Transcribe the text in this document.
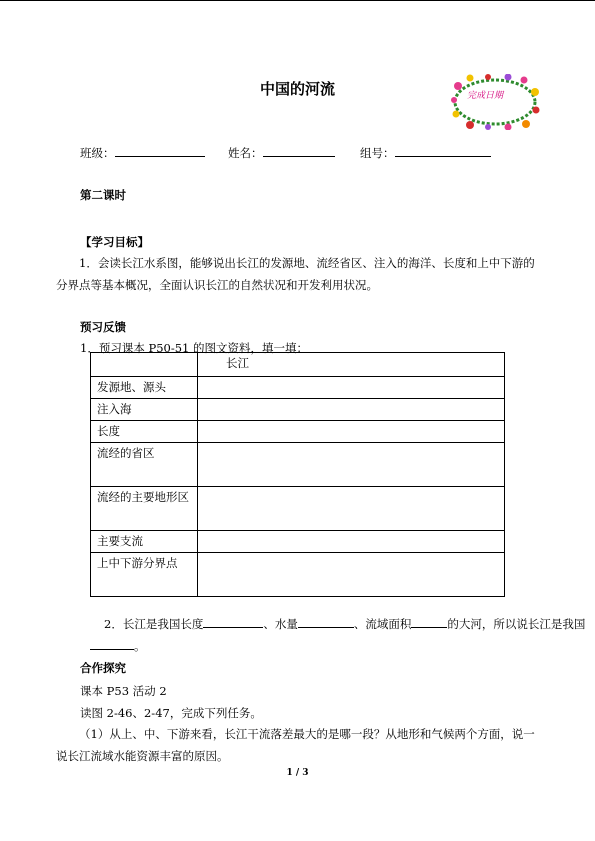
中国的河流	完成日期
班级：	姓名：	组号：
第二课时
【学习目标】
1．会读长江水系图，能够说出长江的发源地、流经省区、注入的海洋、长度和上中下游的分界点等基本概况，全面认识长江的自然状况和开发利用状况。
预习反馈
1．预习课本 P50-51 的图文资料，填一填：
	长江
发源地、源头	
注入海	
长度	
流经的省区	
流经的主要地形区	
主要支流	
上中下游分界点	
2．长江是我国长度	、水量	、流域面积	的大河，所以说长江是我国
。
合作探究
课本 P53 活动 2
读图 2-46、2-47，完成下列任务。
（1）从上、中、下游来看，长江干流落差最大的是哪一段？从地形和气候两个方面，说一说长江流域水能资源丰富的原因。
1 / 3
